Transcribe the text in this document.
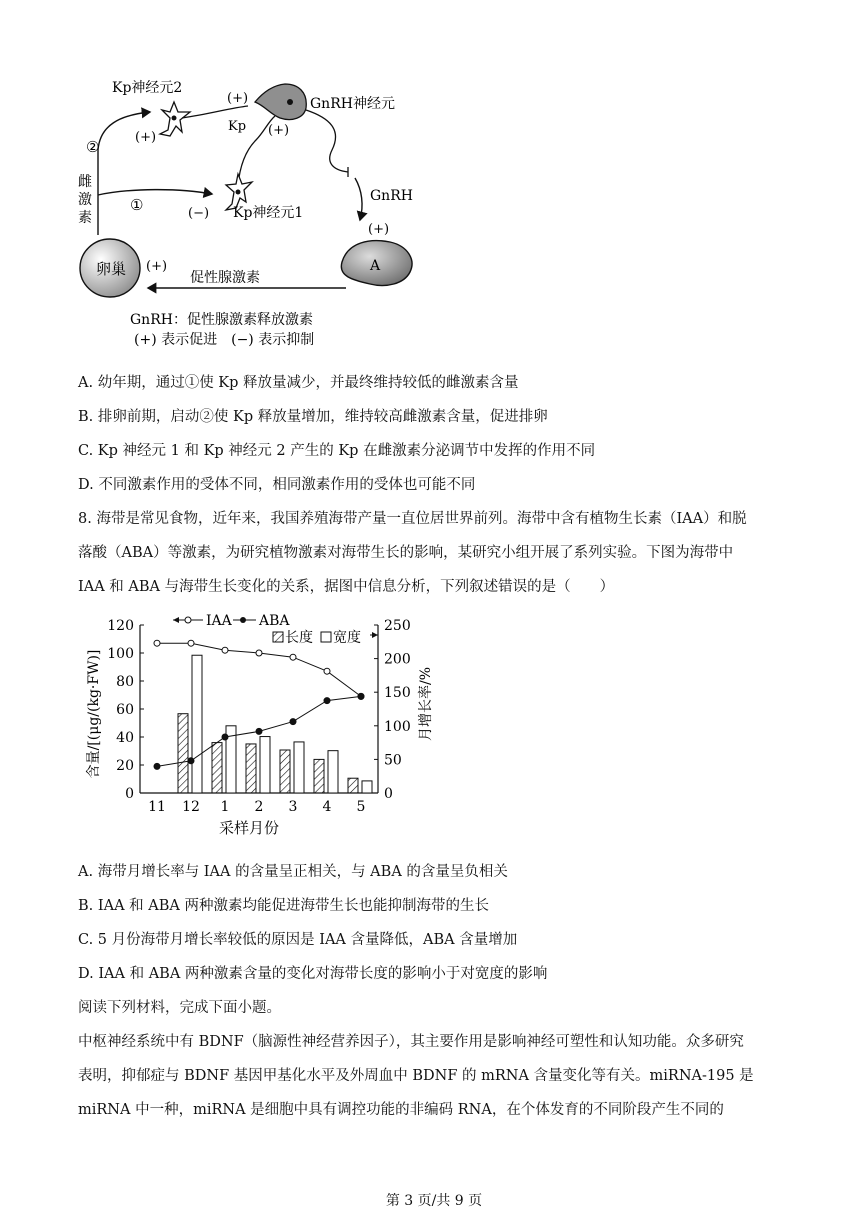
Kp神经元2
(+)
GnRH神经元
(+)
(+)
Kp
GnRH
(+)
Kp神经元1
(−)
②
①
雌
激
素
卵巢 (+)	A
促性腺激素
GnRH：促性腺激素释放激素
(+) 表示促进　(−) 表示抑制
A. 幼年期，通过①使 Kp 释放量减少，并最终维持较低的雌激素含量
B. 排卵前期，启动②使 Kp 释放量增加，维持较高雌激素含量，促进排卵
C. Kp 神经元 1 和 Kp 神经元 2 产生的 Kp 在雌激素分泌调节中发挥的作用不同
D. 不同激素作用的受体不同，相同激素作用的受体也可能不同
8. 海带是常见食物，近年来，我国养殖海带产量一直位居世界前列。海带中含有植物生长素（IAA）和脱
落酸（ABA）等激素，为研究植物激素对海带生长的影响，某研究小组开展了系列实验。下图为海带中
IAA 和 ABA 与海带生长变化的关系，据图中信息分析，下列叙述错误的是（　　）
0
20
40
60
80
100
120
0
50
100
150
200
250
11 12 1 2 3 4 5
IAA ABA
长度 宽度
采样月份
含量/[(μg/(kg·FW)]	月增长率/%
A. 海带月增长率与 IAA 的含量呈正相关，与 ABA 的含量呈负相关
B. IAA 和 ABA 两种激素均能促进海带生长也能抑制海带的生长
C. 5 月份海带月增长率较低的原因是 IAA 含量降低，ABA 含量增加
D. IAA 和 ABA 两种激素含量的变化对海带长度的影响小于对宽度的影响
阅读下列材料，完成下面小题。
中枢神经系统中有 BDNF（脑源性神经营养因子），其主要作用是影响神经可塑性和认知功能。众多研究
表明，抑郁症与 BDNF 基因甲基化水平及外周血中 BDNF 的 mRNA 含量变化等有关。miRNA-195 是
miRNA 中一种，miRNA 是细胞中具有调控功能的非编码 RNA，在个体发育的不同阶段产生不同的
第 3 页/共 9 页
